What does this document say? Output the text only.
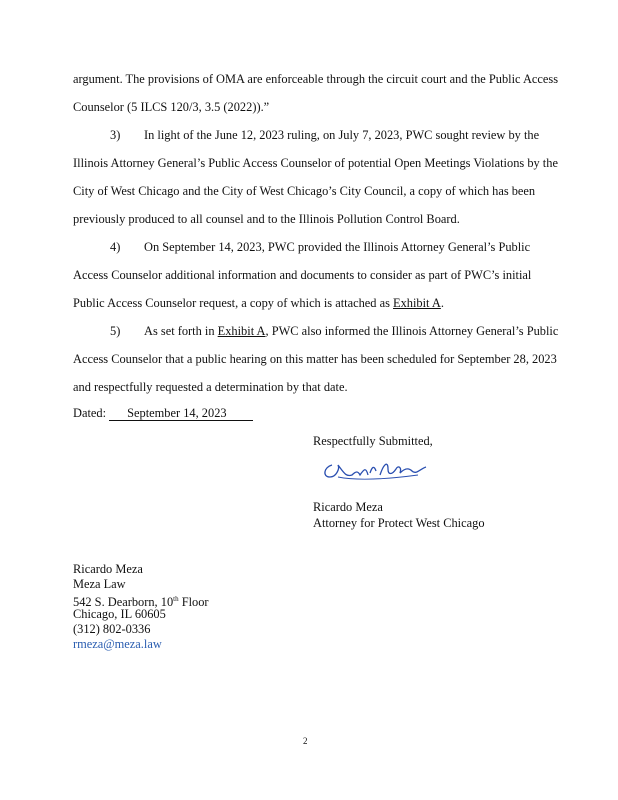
argument. The provisions of OMA are enforceable through the circuit court and the Public Access
Counselor (5 ILCS 120/3, 3.5 (2022)).”
3) In light of the June 12, 2023 ruling, on July 7, 2023, PWC sought review by the
Illinois Attorney General’s Public Access Counselor of potential Open Meetings Violations by the
City of West Chicago and the City of West Chicago’s City Council, a copy of which has been
previously produced to all counsel and to the Illinois Pollution Control Board.
4) On September 14, 2023, PWC provided the Illinois Attorney General’s Public
Access Counselor additional information and documents to consider as part of PWC’s initial
Public Access Counselor request, a copy of which is attached as Exhibit A.
5) As set forth in Exhibit A, PWC also informed the Illinois Attorney General’s Public
Access Counselor that a public hearing on this matter has been scheduled for September 28, 2023
and respectfully requested a determination by that date.
Dated: September 14, 2023
Respectfully Submitted,
Ricardo Meza
Attorney for Protect West Chicago
Ricardo Meza
Meza Law
542 S. Dearborn, 10th Floor
Chicago, IL 60605
(312) 802-0336
rmeza@meza.law
2
